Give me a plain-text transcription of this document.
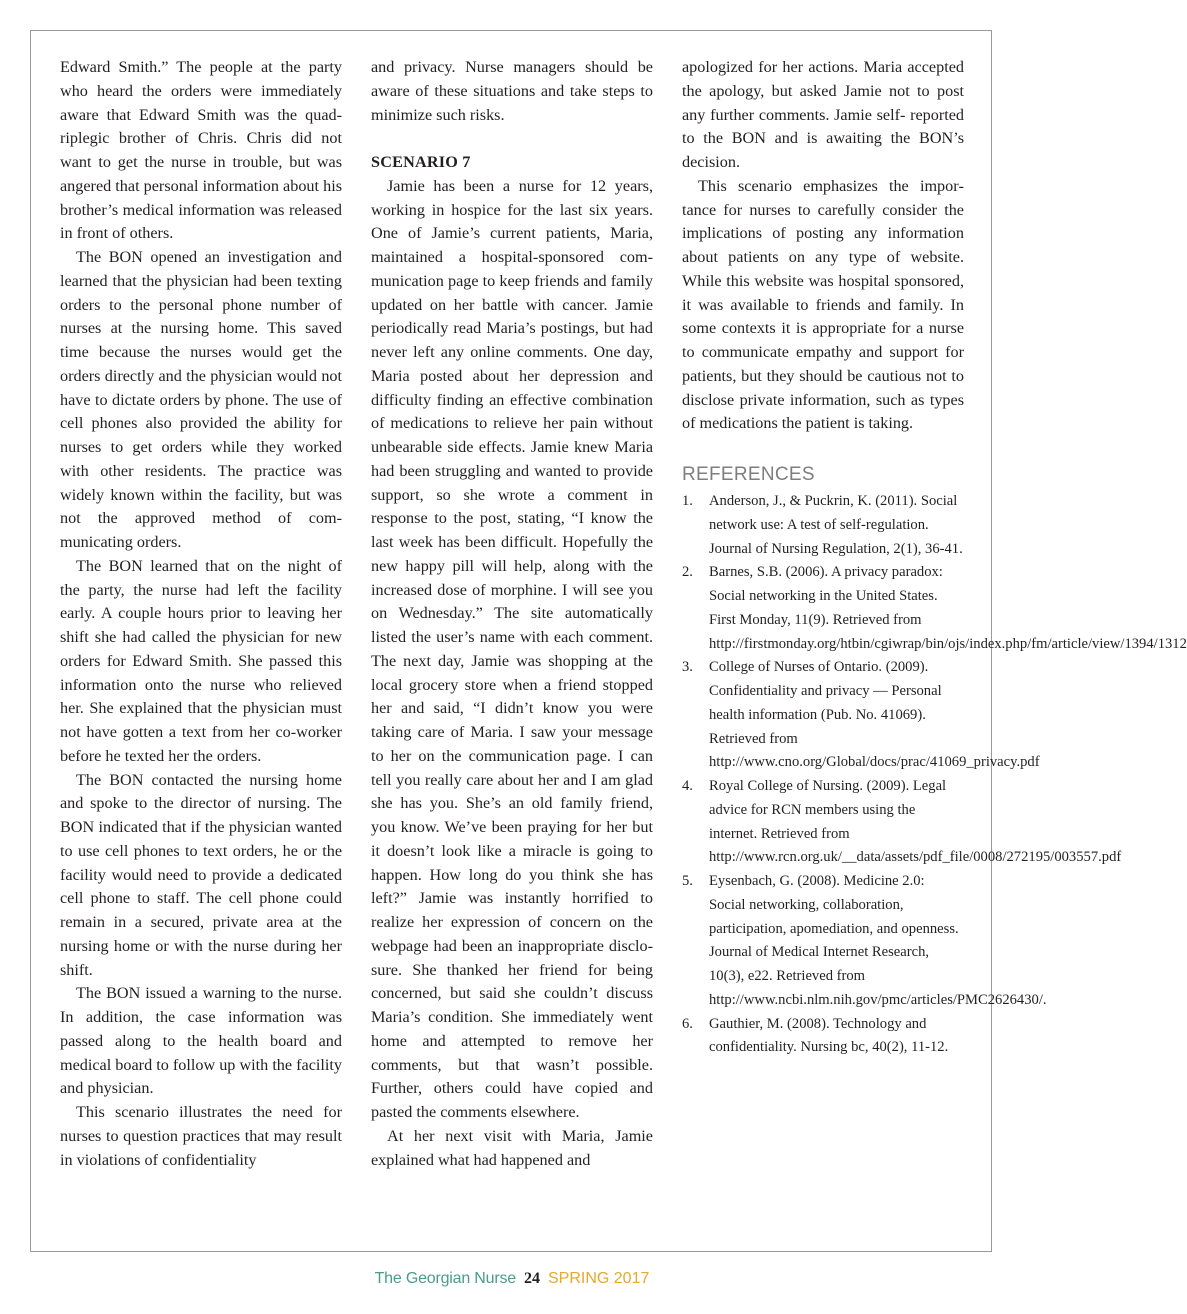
Edward Smith.” The people at the party who heard the orders were immediately aware that Edward Smith was the quadriplegic brother of Chris. Chris did not want to get the nurse in trouble, but was angered that personal information about his brother’s medical information was released in front of others.

The BON opened an investigation and learned that the physician had been texting orders to the personal phone number of nurses at the nursing home. This saved time because the nurses would get the orders directly and the physician would not have to dictate orders by phone. The use of cell phones also provided the ability for nurses to get orders while they worked with other residents. The practice was widely known within the facility, but was not the approved method of communicating orders.

The BON learned that on the night of the party, the nurse had left the facility early. A couple hours prior to leaving her shift she had called the physician for new orders for Edward Smith. She passed this information onto the nurse who relieved her. She explained that the physician must not have gotten a text from her co-worker before he texted her the orders.

The BON contacted the nursing home and spoke to the director of nursing. The BON indicated that if the physician wanted to use cell phones to text orders, he or the facility would need to provide a dedicated cell phone to staff. The cell phone could remain in a secured, private area at the nursing home or with the nurse during her shift.

The BON issued a warning to the nurse. In addition, the case information was passed along to the health board and medical board to follow up with the facility and physician.

This scenario illustrates the need for nurses to question practices that may result in violations of confidentiality

and privacy. Nurse managers should be aware of these situations and take steps to minimize such risks.

SCENARIO 7

Jamie has been a nurse for 12 years, working in hospice for the last six years. One of Jamie’s current patients, Maria, maintained a hospital-sponsored communication page to keep friends and family updated on her battle with cancer. Jamie periodically read Maria’s postings, but had never left any online comments. One day, Maria posted about her depression and difficulty finding an effective combination of medications to relieve her pain without unbearable side effects. Jamie knew Maria had been struggling and wanted to provide support, so she wrote a comment in response to the post, stating, “I know the last week has been difficult. Hopefully the new happy pill will help, along with the increased dose of morphine. I will see you on Wednesday.” The site automatically listed the user’s name with each comment. The next day, Jamie was shopping at the local grocery store when a friend stopped her and said, “I didn’t know you were taking care of Maria. I saw your message to her on the communication page. I can tell you really care about her and I am glad she has you. She’s an old family friend, you know. We’ve been praying for her but it doesn’t look like a miracle is going to happen. How long do you think she has left?” Jamie was instantly horrified to realize her expression of concern on the webpage had been an inappropriate disclosure. She thanked her friend for being concerned, but said she couldn’t discuss Maria’s condition. She immediately went home and attempted to remove her comments, but that wasn’t possible. Further, others could have copied and pasted the comments elsewhere.

At her next visit with Maria, Jamie explained what had happened and

apologized for her actions. Maria accepted the apology, but asked Jamie not to post any further comments. Jamie self- reported to the BON and is awaiting the BON’s decision.

This scenario emphasizes the importance for nurses to carefully consider the implications of posting any information about patients on any type of website. While this website was hospital sponsored, it was available to friends and family. In some contexts it is appropriate for a nurse to communicate empathy and support for patients, but they should be cautious not to disclose private information, such as types of medications the patient is taking.

REFERENCES
1. Anderson, J., & Puckrin, K. (2011). Social network use: A test of self-regulation. Journal of Nursing Regulation, 2(1), 36-41.
2. Barnes, S.B. (2006). A privacy paradox: Social networking in the United States. First Monday, 11(9). Retrieved from http://firstmonday.org/htbin/cgiwrap/bin/ojs/index.php/fm/article/view/1394/1312
3. College of Nurses of Ontario. (2009). Confidentiality and privacy — Personal health information (Pub. No. 41069). Retrieved from http://www.cno.org/Global/docs/prac/41069_privacy.pdf
4. Royal College of Nursing. (2009). Legal advice for RCN members using the internet. Retrieved from http://www.rcn.org.uk/__data/assets/pdf_file/0008/272195/003557.pdf
5. Eysenbach, G. (2008). Medicine 2.0: Social networking, collaboration, participation, apomediation, and openness. Journal of Medical Internet Research, 10(3), e22. Retrieved from http://www.ncbi.nlm.nih.gov/pmc/articles/PMC2626430/.
6. Gauthier, M. (2008). Technology and confidentiality. Nursing bc, 40(2), 11-12.
The Georgian Nurse 24 SPRING 2017
